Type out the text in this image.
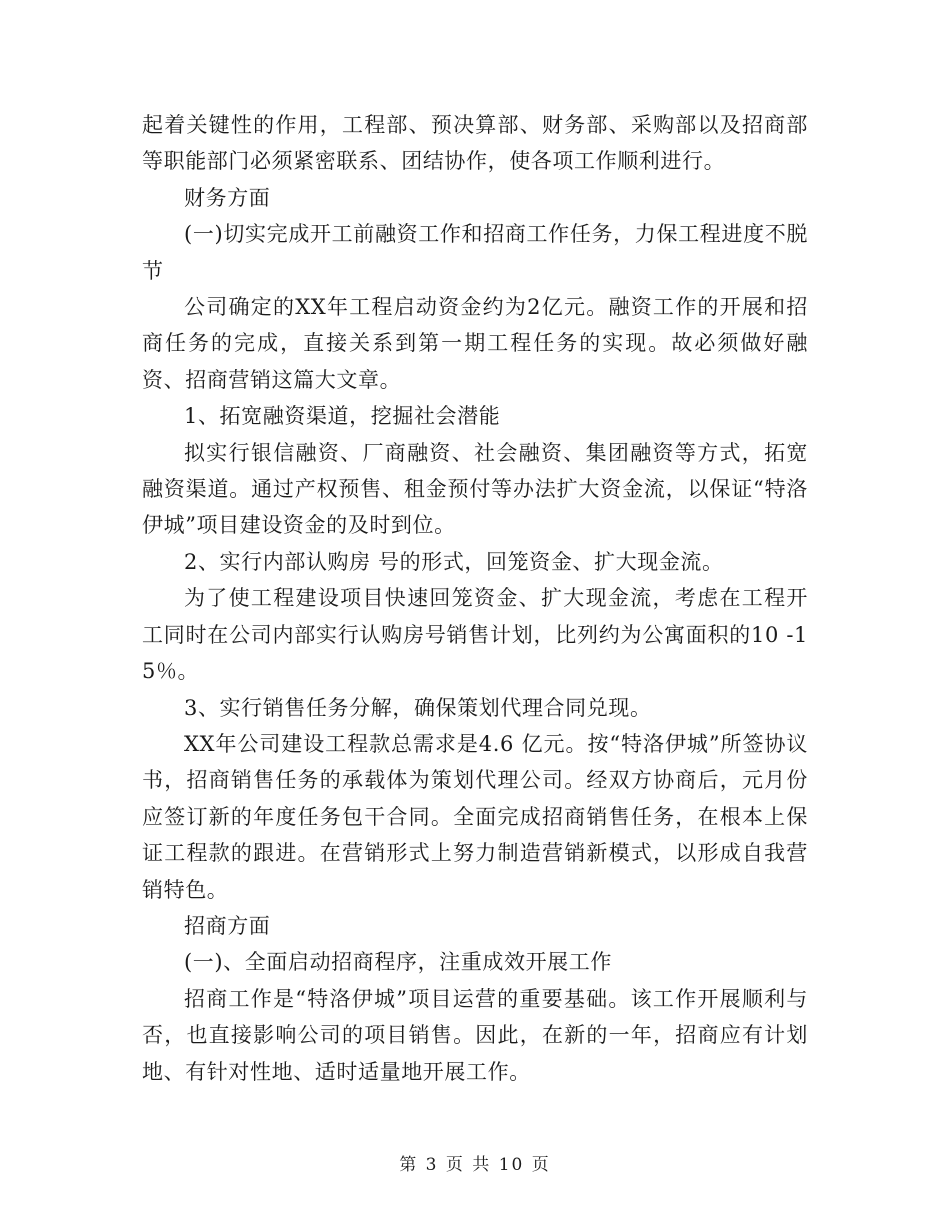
起着关键性的作用，工程部、预决算部、财务部、采购部以及招商部等职能部门必须紧密联系、团结协作，使各项工作顺利进行。

财务方面

(一)切实完成开工前融资工作和招商工作任务，力保工程进度不脱节

公司确定的XX年工程启动资金约为2亿元。融资工作的开展和招商任务的完成，直接关系到第一期工程任务的实现。故必须做好融资、招商营销这篇大文章。

1、拓宽融资渠道，挖掘社会潜能

拟实行银信融资、厂商融资、社会融资、集团融资等方式，拓宽融资渠道。通过产权预售、租金预付等办法扩大资金流，以保证“特洛伊城”项目建设资金的及时到位。

2、实行内部认购房 号的形式，回笼资金、扩大现金流。

为了使工程建设项目快速回笼资金、扩大现金流，考虑在工程开工同时在公司内部实行认购房号销售计划，比列约为公寓面积的10 -15％。

3、实行销售任务分解，确保策划代理合同兑现。

XX年公司建设工程款总需求是4.6 亿元。按“特洛伊城”所签协议书，招商销售任务的承载体为策划代理公司。经双方协商后，元月份应签订新的年度任务包干合同。全面完成招商销售任务，在根本上保证工程款的跟进。在营销形式上努力制造营销新模式，以形成自我营销特色。

招商方面

(一)、全面启动招商程序，注重成效开展工作

招商工作是“特洛伊城”项目运营的重要基础。该工作开展顺利与否，也直接影响公司的项目销售。因此，在新的一年，招商应有计划地、有针对性地、适时适量地开展工作。

第 3 页 共 10 页
